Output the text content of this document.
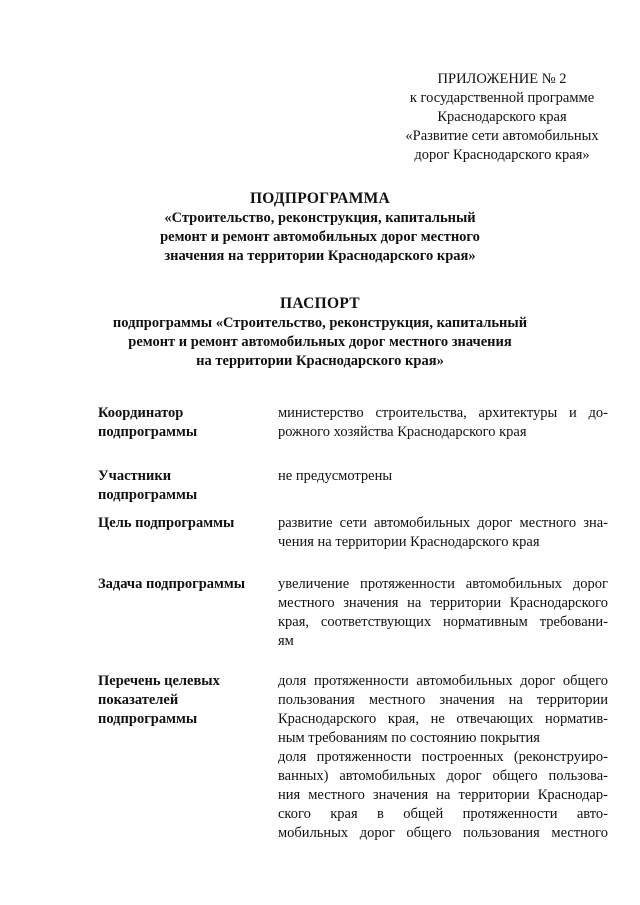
ПРИЛОЖЕНИЕ № 2
к государственной программе
Краснодарского края
«Развитие сети автомобильных
дорог Краснодарского края»
ПОДПРОГРАММА
«Строительство, реконструкция, капитальный
ремонт и ремонт автомобильных дорог местного
значения на территории Краснодарского края»
ПАСПОРТ
подпрограммы «Строительство, реконструкция, капитальный
ремонт и ремонт автомобильных дорог местного значения
на территории Краснодарского края»
Координатор
подпрограммы
министерство строительства, архитектуры и до-
рожного хозяйства Краснодарского края
Участники
подпрограммы
не предусмотрены
Цель подпрограммы	развитие сети автомобильных дорог местного зна-
чения на территории Краснодарского края
Задача подпрограммы	увеличение протяженности автомобильных дорог
местного значения на территории Краснодарского
края, соответствующих нормативным требовани-
ям
Перечень целевых
показателей
подпрограммы
доля протяженности автомобильных дорог общего
пользования местного значения на территории
Краснодарского края, не отвечающих норматив-
ным требованиям по состоянию покрытия
доля протяженности построенных (реконструиро-
ванных) автомобильных дорог общего пользова-
ния местного значения на территории Краснодар-
ского края в общей протяженности авто-
мобильных дорог общего пользования местного
